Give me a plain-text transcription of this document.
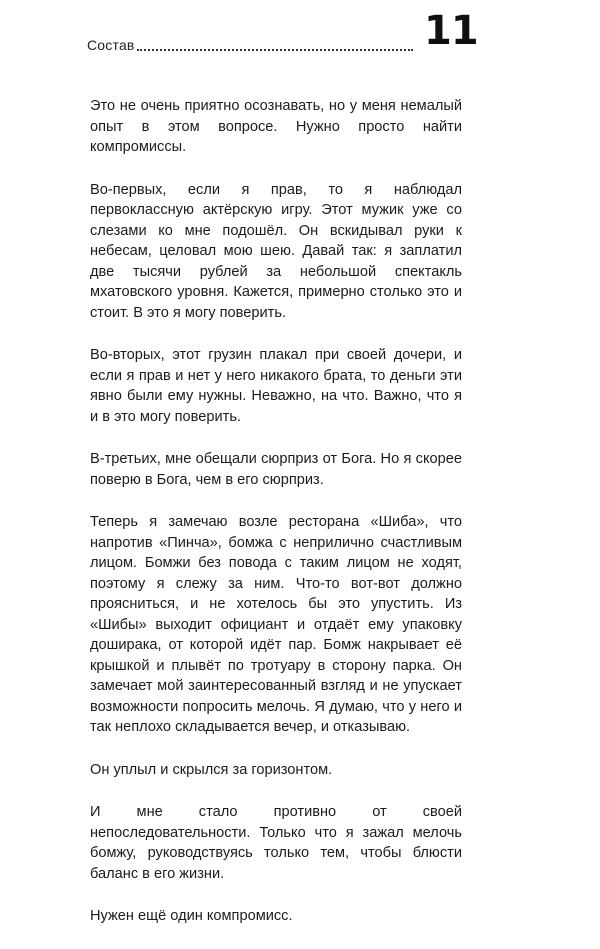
Состав	11

Это не очень приятно осознавать, но у меня немалый опыт в этом вопросе. Нужно просто найти компромиссы.

Во-первых, если я прав, то я наблюдал первоклассную актёрскую игру. Этот мужик уже со слезами ко мне подошёл. Он вскидывал руки к небесам, целовал мою шею. Давай так: я заплатил две тысячи рублей за небольшой спектакль мхатовского уровня. Кажется, примерно столько это и стоит. В это я могу поверить.

Во-вторых, этот грузин плакал при своей дочери, и если я прав и нет у него никакого брата, то деньги эти явно были ему нужны. Неважно, на что. Важно, что я и в это могу поверить.

В-третьих, мне обещали сюрприз от Бога. Но я скорее поверю в Бога, чем в его сюрприз.

Теперь я замечаю возле ресторана «Шиба», что напротив «Пинча», бомжа с неприлично счастливым лицом. Бомжи без повода с таким лицом не ходят, поэтому я слежу за ним. Что-то вот-вот должно проясниться, и не хотелось бы это упустить. Из «Шибы» выходит официант и отдаёт ему упаковку доширака, от которой идёт пар. Бомж накрывает её крышкой и плывёт по тротуару в сторону парка. Он замечает мой заинтересованный взгляд и не упускает возможности попросить мелочь. Я думаю, что у него и так неплохо складывается вечер, и отказываю.

Он уплыл и скрылся за горизонтом.

И мне стало противно от своей непоследовательности. Только что я зажал мелочь бомжу, руководствуясь только тем, чтобы блюсти баланс в его жизни.

Нужен ещё один компромисс.
